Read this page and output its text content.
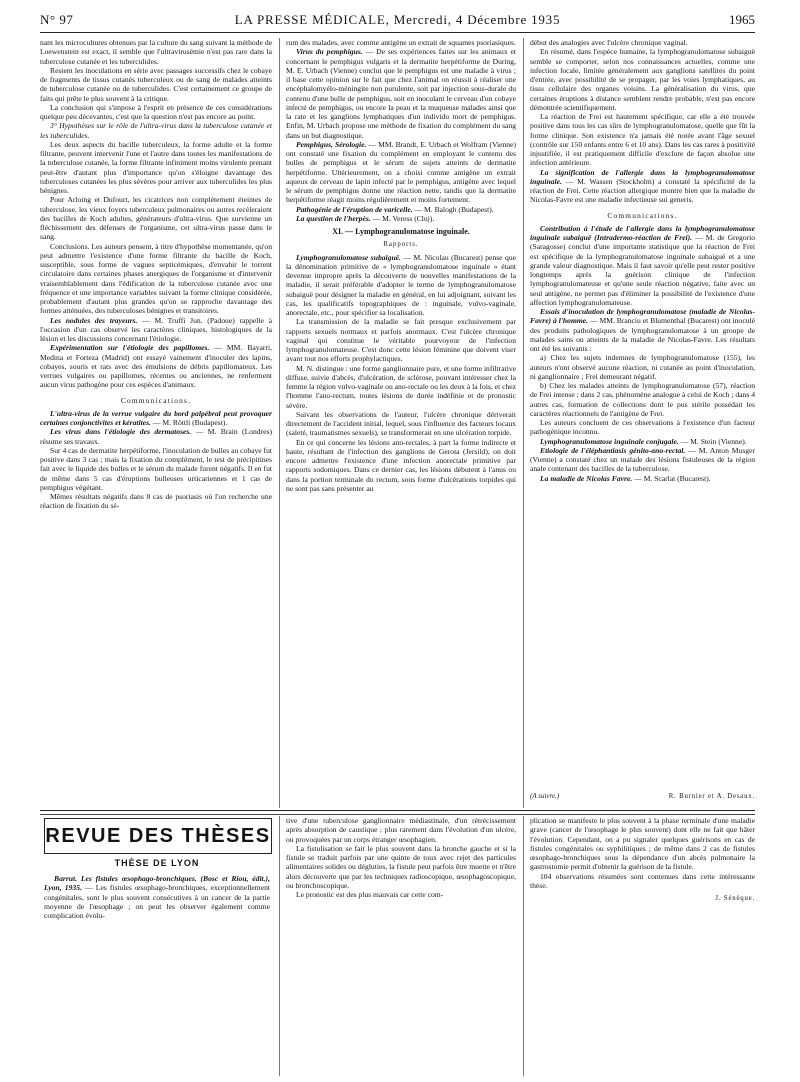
N° 97	LA PRESSE MÉDICALE, Mercredi, 4 Décembre 1935	1965

nant les microcultures obtenues par la culture du sang suivant la méthode de Loewenstein est exact, il semble que l'ultravirusémie n'est pas rare dans la tuberculose cutanée et les tuberculides.

Restent les inoculations en série avec passages successifs chez le cobaye de fragments de tissus cutanés tuberculeux ou de sang de malades atteints de tuberculose cutanée ou de tuberculides. C'est certainement ce groupe de faits qui prête le plus souvent à la critique.

La conclusion qui s'impose à l'esprit en présence de ces considérations quelque peu décevantes, c'est que la question n'est pas encore au point.

3° Hypothèses sur le rôle de l'ultra-virus dans la tuberculose cutanée et les tuberculides.

Les deux aspects du bacille tuberculeux, la forme adulte et la forme filtrante, peuvent intervenir l'une et l'autre dans toutes les manifestations de la tuberculose cutanée, la forme filtrante infiniment moins virulente prenant peut-être d'autant plus d'importance qu'on s'éloigne davantage des tuberculoses cutanées les plus sévères pour arriver aux tuberculides les plus bénignes.

Pour Arloing et Dufourt, les cicatrices non complètement éteintes de tuberculose, les vieux foyers tuberculeux pulmonaires ou autres recèleraient des bacilles de Koch adultes, générateurs d'ultra-virus. Que survienne un fléchissement des défenses de l'organisme, cet ultra-virus passe dans le sang.

Conclusions. Les auteurs pensent, à titre d'hypothèse momentanée, qu'on peut admettre l'existence d'une forme filtrante du bacille de Koch, susceptible, sous forme de vagues septicémiques, d'envahir le torrent circulatoire dans certaines phases anergiques de l'organisme et d'intervenir vraisemblablement dans l'édification de la tuberculose cutanée avec une fréquence et une importance variables suivant la forme clinique considérée, probablement d'autant plus grandes qu'on se rapproche davantage des formes atténuées, des tuberculoses bénignes et transitoires.

Les nodules des trayeurs. — M. Truffi Jun. (Padoue) rappelle à l'occasion d'un cas observé les caractères cliniques, histologiques de la lésion et les discussions concernant l'étiologie.

Expérimentation sur l'étiologie des papillomes. — MM. Bayarri, Medina et Forteza (Madrid) ont essayé vainement d'inoculer des lapins, cobayes, souris et rats avec des émulsions de débris papillomateux. Les verrues vulgaires ou papillomes, récentes ou anciennes, ne renferment aucun virus pathogène pour ces espèces d'animaux.

Communications.

L'ultra-virus de la verrue vulgaire du bord palpébral peut provoquer certaines conjonctivites et kératites. — M. Röttli (Budapest).

Les virus dans l'étiologie des dermatoses. — M. Brain (Londres) résume ses travaux.

Sur 4 cas de dermatite herpétiforme, l'inoculation de bulles au cobaye fut positive dans 3 cas ; mais la fixation du complément, le test de précipitines fait avec le liquide des bulles et le sérum du malade furent négatifs. Il en fut de même dans 5 cas d'éruptions bulleuses urticariennes et 1 cas de pemphigus végétant.

Mêmes résultats négatifs dans 8 cas de psoriasis où l'on recherche une réaction de fixation du sé-

rum des malades, avec comme antigène un extrait de squames psoriasiques.

Virus du pemphigus. — De ses expériences faites sur les animaux et concernant le pemphigus vulgaris et la dermatite herpétiforme de During, M. E. Urbach (Vienne) conclut que le pemphigus est une maladie à virus ; il base cette opinion sur le fait que chez l'animal on réussit à réaliser une encéphalomyélo-méningite non purulente, soit par injection sous-durale du contenu d'une bulle de pemphigus, soit en inoculant le cerveau d'un cobaye infecté de pemphigus, ou encore la peau et la muqueuse malades ainsi que la rate et les ganglions lymphatiques d'un individu mort de pemphigus. Enfin, M. Urbach propose une méthode de fixation du complément du sang dans un but diagnostique.

Pemphigus, Sérologie. — MM. Brandt, E. Urbach et Wolfram (Vienne) ont constaté une fixation du complément en employant le contenu des bulles de pemphigus et le sérum de sujets atteints de dermatite herpétiforme. Ultérieurement, on a choisi comme antigène un extrait aqueux de cerveau de lapin infecté par le pemphigus, antigène avec lequel le sérum de pemphigus donne une réaction nette, tandis que la dermatite herpétiforme réagit moins régulièrement et moins fortement.

Pathogénie de l'éruption de varicelle. — M. Balogh (Budapest).

La question de l'herpès. — M. Veress (Cluj).

XI. — Lymphogranulomatose inguinale.
Rapports.

Lymphogranulomatose subaiguë. — M. Nicolau (Bucarest) pense que la dénomination primitive de « lymphogranulomatose inguinale » étant devenue impropre après la découverte de nouvelles manifestations de la maladie, il serait préférable d'adopter le terme de lymphogranulomatose subaiguë pour désigner la maladie en général, en lui adjoignant, suivant les cas, les qualificatifs topographiques de : inguinale, vulvo-vaginale, anorectale, etc., pour spécifier sa localisation.

La transmission de la maladie se fait presque exclusivement par rapports sexuels normaux et parfois anormaux. C'est l'ulcère chronique vaginal qui constitue le véritable pourvoyeur de l'infection lymphogranulomateuse. C'est donc cette lésion féminine que doivent viser avant tout nos efforts prophylactiques.

M. N. distingue : une forme ganglionnaire pure, et une forme infiltrative diffuse, suivie d'abcès, d'ulcération, de sclérose, pouvant intéresser chez la femme la région vulvo-vaginale ou ano-rectale ou les deux à la fois, et chez l'homme l'ano-rectum, toutes lésions de durée indéfinie et de pronostic sévère.

Suivant les observations de l'auteur, l'ulcère chronique dériverait directement de l'accident initial, lequel, sous l'influence des facteurs locaux (saleté, traumatismes sexuels), se transformerait en une ulcération torpide.

En ce qui concerne les lésions ano-rectales, à part la forme indirecte et haute, résultant de l'infection des ganglions de Gerota (Jersild), on doit encore admettre l'existence d'une infection anorectale primitive par rapports sodomiques. Dans ce dernier cas, les lésions débutent à l'anus ou dans la portion terminale du rectum, sous forme d'ulcérations torpides qui ne sont pas sans présenter au

début des analogies avec l'ulcère chronique vaginal.

En résumé, dans l'espèce humaine, la lymphogranulomatose subaiguë semble se comporter, selon nos connaissances actuelles, comme une infection locale, limitée généralement aux ganglions satellites du point d'entrée, avec possibilité de se propager, par les voies lymphatiques, au tissu cellulaire des organes voisins. La généralisation du virus, que certaines éruptions à distance semblent rendre probable, n'est pas encore démontrée scientifiquement.

La réaction de Frei est hautement spécifique, car elle a été trouvée positive dans tous les cas sûrs de lymphogranulomatose, quelle que fût la forme clinique. Son existence n'a jamais été notée avant l'âge sexuel (contrôle sur 150 enfants entre 6 et 10 ans). Dans les cas rares à positivité injustifiée, il est pratiquement difficile d'exclure de façon absolue une infection antérieure.

La signification de l'allergie dans la lymphogranulomatose inguinale. — M. Wassen (Stockholm) a constaté la spécificité de la réaction de Frei. Cette réaction allergique montre bien que la maladie de Nicolas-Favre est une maladie infectieuse sui generis.

Communications.

Contribution à l'étude de l'allergie dans la lymphogranulomatose inguinale subaiguë (Intradermo-réaction de Frei). — M. de Gregorio (Saragosse) conclut d'une importante statistique que la réaction de Frei est spécifique de la lymphogranulomatose inguinale subaiguë et a une grande valeur diagnostique. Mais il faut savoir qu'elle peut rester positive longtemps après la guérison clinique de l'infection lymphogranulomateuse et qu'une seule réaction négative, faite avec un seul antigène, ne permet pas d'éliminer la possibilité de l'existence d'une affection lymphogranulomateuse.

Essais d'inoculation de lymphogranulomatose (maladie de Nicolas-Favre) à l'homme. — MM. Branciu et Blumenthal (Bucarest) ont inoculé des produits pathologiques de lymphogranulomatose à un groupe de malades sains ou atteints de la maladie de Nicolas-Favre. Les résultats ont été les suivants :

a) Chez les sujets indemnes de lymphogranulomatose (155), les auteurs n'ont observé aucune réaction, ni cutanée au point d'inoculation, ni ganglionnaire ; Frei demeurant négatif.

b) Chez les malades atteints de lymphogranulomatose (57), réaction de Frei intense ; dans 2 cas, phénomène analogue à celui de Koch ; dans 4 autres cas, formation de collections dont le pus stérile possédait les caractères réactionnels de l'antigène de Frei.

Les auteurs concluent de ces observations à l'existence d'un facteur pathogénique inconnu.

Lymphogranulomatose inguinale conjugale. — M. Stein (Vienne).

Etiologie de l'éléphantiasis génito-ano-rectal. — M. Anton Musger (Vienne) a constaté chez un malade des lésions fistuleuses de la région anale contenant des bacilles de la tuberculose.

La maladie de Nicolas Favre. — M. Scarlat (Bucarest).

(A suivre.)	R. Burnier et A. Desaux.
REVUE DES THÈSES
THÈSE DE LYON

Barrut. Les fistules œsophago-bronchiques. (Bosc et Riou, édit.), Lyon, 1935. — Les fistules œsophago-bronchiques, exceptionnellement congénitales, sont le plus souvent consécutives à un cancer de la partie moyenne de l'œsophage ; on peut les observer également comme complication évolu-

tive d'une tuberculose ganglionnaire médiastinale, d'un rétrécissement après absorption de caustique ; plus rarement dans l'évolution d'un ulcère, ou provoquées par un corps étranger œsophagien.

La fistulisation se fait le plus souvent dans la bronche gauche et si la fistule se traduit parfois par une quinte de toux avec rejet des particules alimentaires solides ou dégluties, la fistule peut parfois être muette et n'être alors découverte que par les techniques radioscopique, œsophagoscopique, ou bronchoscopique.

Le pronostic est des plus mauvais car cette com-

plication se manifeste le plus souvent à la phase terminale d'une maladie grave (cancer de l'œsophage le plus souvent) dont elle ne fait que hâter l'évolution. Cependant, on a pu signaler quelques guérisons en cas de fistules congénitales ou syphilitiques ; de même dans 2 cas de fistules œsophago-bronchiques sous la dépendance d'un abcès pulmonaire la gastrostomie permit d'obtenir la guérison de la fistule.

104 observations résumées sont contenues dans cette intéressante thèse.

J. Sénèque.
